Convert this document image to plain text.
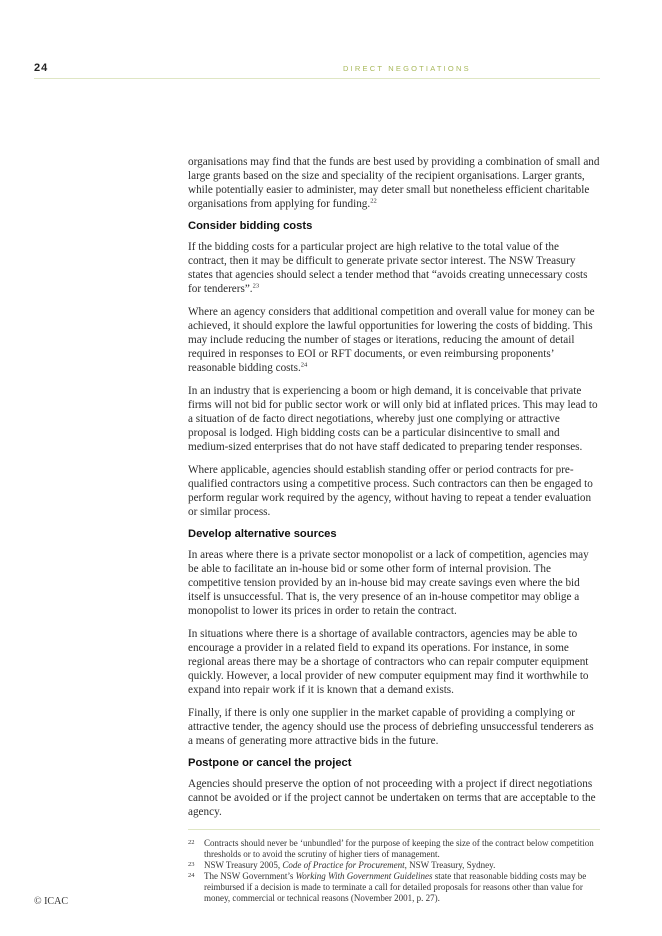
24	DIRECT NEGOTIATIONS

organisations may find that the funds are best used by providing a combination of small and large grants based on the size and speciality of the recipient organisations. Larger grants, while potentially easier to administer, may deter small but nonetheless efficient charitable organisations from applying for funding.$^{22}$

Consider bidding costs

If the bidding costs for a particular project are high relative to the total value of the contract, then it may be difficult to generate private sector interest. The NSW Treasury states that agencies should select a tender method that “avoids creating unnecessary costs for tenderers”.$^{23}$

Where an agency considers that additional competition and overall value for money can be achieved, it should explore the lawful opportunities for lowering the costs of bidding. This may include reducing the number of stages or iterations, reducing the amount of detail required in responses to EOI or RFT documents, or even reimbursing proponents’ reasonable bidding costs.$^{24}$

In an industry that is experiencing a boom or high demand, it is conceivable that private firms will not bid for public sector work or will only bid at inflated prices. This may lead to a situation of de facto direct negotiations, whereby just one complying or attractive proposal is lodged. High bidding costs can be a particular disincentive to small and medium-sized enterprises that do not have staff dedicated to preparing tender responses.

Where applicable, agencies should establish standing offer or period contracts for pre-qualified contractors using a competitive process. Such contractors can then be engaged to perform regular work required by the agency, without having to repeat a tender evaluation or similar process.

Develop alternative sources

In areas where there is a private sector monopolist or a lack of competition, agencies may be able to facilitate an in-house bid or some other form of internal provision. The competitive tension provided by an in-house bid may create savings even where the bid itself is unsuccessful. That is, the very presence of an in-house competitor may oblige a monopolist to lower its prices in order to retain the contract.

In situations where there is a shortage of available contractors, agencies may be able to encourage a provider in a related field to expand its operations. For instance, in some regional areas there may be a shortage of contractors who can repair computer equipment quickly. However, a local provider of new computer equipment may find it worthwhile to expand into repair work if it is known that a demand exists.

Finally, if there is only one supplier in the market capable of providing a complying or attractive tender, the agency should use the process of debriefing unsuccessful tenderers as a means of generating more attractive bids in the future.

Postpone or cancel the project

Agencies should preserve the option of not proceeding with a project if direct negotiations cannot be avoided or if the project cannot be undertaken on terms that are acceptable to the agency.

22	Contracts should never be ‘unbundled’ for the purpose of keeping the size of the contract below competition thresholds or to avoid the scrutiny of higher tiers of management.
23	NSW Treasury 2005, Code of Practice for Procurement, NSW Treasury, Sydney.
24	The NSW Government’s Working With Government Guidelines state that reasonable bidding costs may be reimbursed if a decision is made to terminate a call for detailed proposals for reasons other than value for money, commercial or technical reasons (November 2001, p. 27).
© ICAC
